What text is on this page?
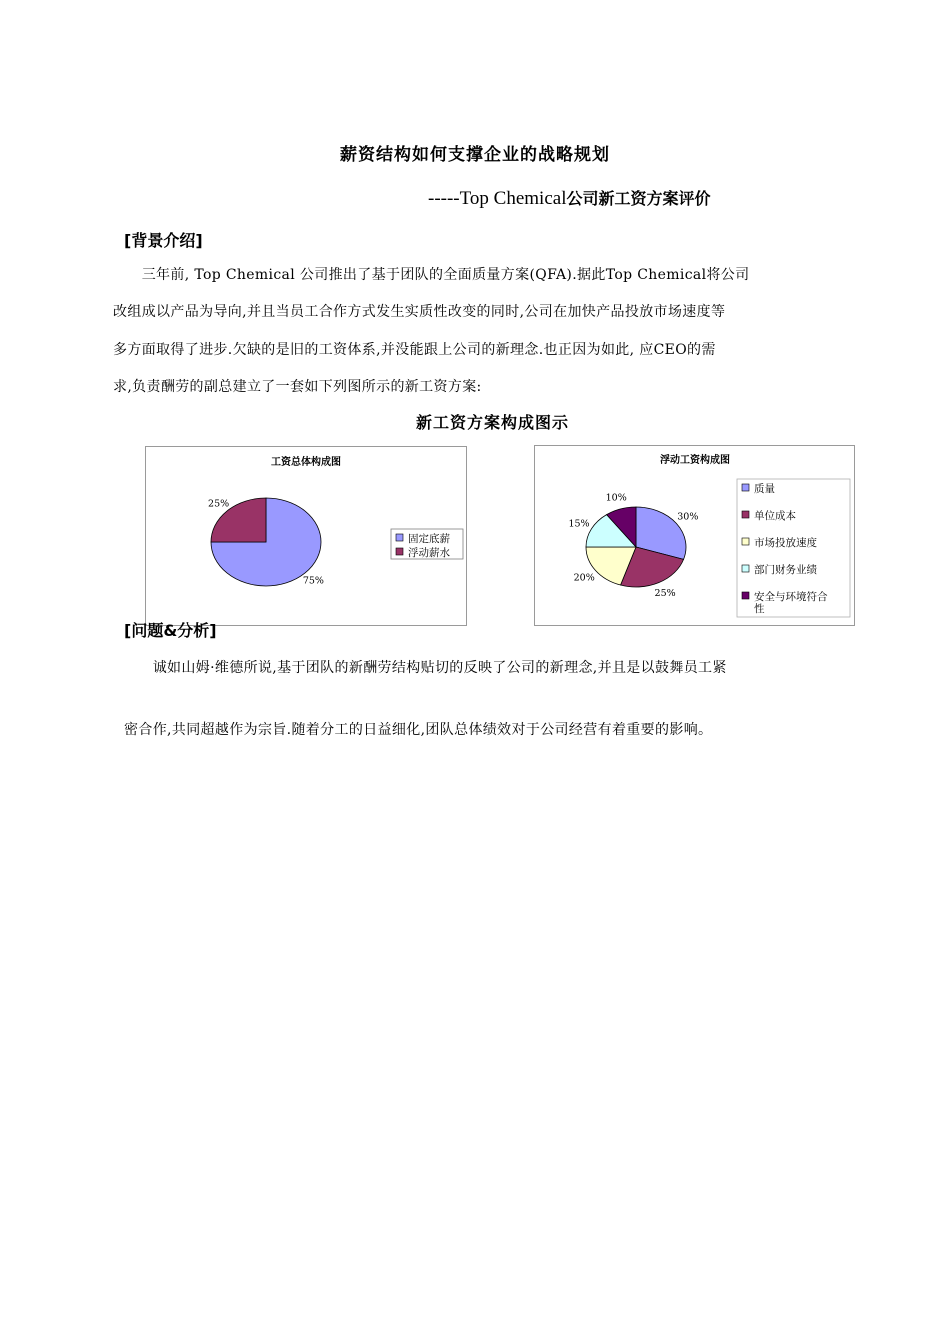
薪资结构如何支撑企业的战略规划
-----Top Chemical公司新工资方案评价
[背景介绍]
　　三年前, Top Chemical 公司推出了基于团队的全面质量方案(QFA).据此Top Chemical将公司
改组成以产品为导向,并且当员工合作方式发生实质性改变的同时,公司在加快产品投放市场速度等
多方面取得了进步.欠缺的是旧的工资体系,并没能跟上公司的新理念.也正因为如此, 应CEO的需
求,负责酬劳的副总建立了一套如下列图所示的新工资方案:
新工资方案构成图示
工资总体构成图
75%
25%
固定底薪
浮动薪水
浮动工资构成图
30%
25%
20%
15%
10%
质量
单位成本
市场投放速度
部门财务业绩
安全与环境符合性
[问题&分析]
　　诚如山姆·维德所说,基于团队的新酬劳结构贴切的反映了公司的新理念,并且是以鼓舞员工紧
密合作,共同超越作为宗旨.随着分工的日益细化,团队总体绩效对于公司经营有着重要的影响。
